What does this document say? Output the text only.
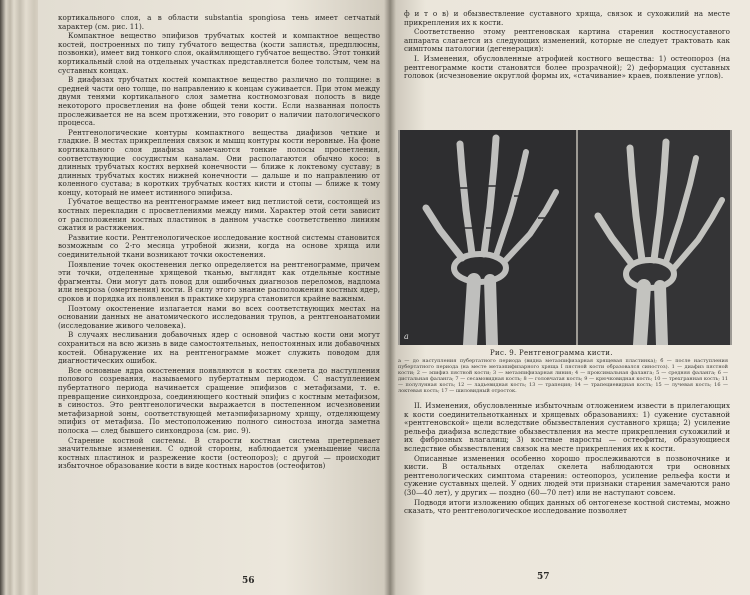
кортикального слоя, а в области substantia spongiosa тень имеет сетчатый характер (см. рис. 11).

Компактное вещество эпифизов трубчатых костей и компактное вещество костей, построенных по типу губчатого вещества (кости запястья, предплюсны, позвонки), имеет вид тонкого слоя, окаймляющего губчатое вещество. Этот тонкий кортикальный слой на отдельных участках представляется более толстым, чем на суставных концах.

В диафизах трубчатых костей компактное вещество различно по толщине: в средней части оно толще, по направлению к концам суживается. При этом между двумя тенями кортикального слоя заметна костномозговая полость в виде некоторого просветления на фоне общей тени кости. Если названная полость прослеживается не на всем протяжении, это говорит о наличии патологического процесса.

Рентгенологические контуры компактного вещества диафизов четкие и гладкие. В местах прикрепления связок и мышц контуры кости неровные. На фоне кортикального слоя диафиза замечаются тонкие полосы просветления, соответствующие сосудистым каналам. Они располагаются обычно косо: в длинных трубчатых костях верхней конечности — ближе к локтевому суставу; в длинных трубчатых костях нижней конечности — дальше и по направлению от коленного сустава; в коротких трубчатых костях кисти и стопы — ближе к тому концу, который не имеет истинного эпифиза.

Губчатое вещество на рентгенограмме имеет вид петлистой сети, состоящей из костных перекладин с просветлениями между ними. Характер этой сети зависит от расположения костных пластинок в данном участке соответственно линиям сжатия и растяжения.

Развитие кости. Рентгенологическое исследование костной системы становится возможным со 2-го месяца утробной жизни, когда на основе хряща или соединительной ткани возникают точки окостенения.

Появление точек окостенения легко определяется на рентгенограмме, причем эти точки, отделенные хрящевой тканью, выглядят как отдельные костные фрагменты. Они могут дать повод для ошибочных диагнозов переломов, надлома или некроза (омертвения) кости. В силу этого знание расположения костных ядер, сроков и порядка их появления в практике хирурга становится крайне важным.

Поэтому окостенение излагается нами во всех соответствующих местах на основании данных не анатомического исследования трупов, а рентгеноанатомии (исследование живого человека).

В случаях несливания добавочных ядер с основной частью кости они могут сохраниться на всю жизнь в виде самостоятельных, непостоянных или добавочных костей. Обнаружение их на рентгенограмме может служить поводом для диагностических ошибок.

Все основные ядра окостенения появляются в костях скелета до наступления полового созревания, называемого пубертатным периодом. С наступлением пубертатного периода начинается сращение эпифизов с метафизами, т. е. превращение синхондроза, соединяющего костный эпифиз с костным метафизом, в синостоз. Это рентгенологически выражается в постепенном исчезновении метафизарной зоны, соответствующей метаэпифизарному хрящу, отделяющему эпифиз от метафиза. По местоположению полного синостоза иногда заметна полоска — след бывшего синхондроза (см. рис. 9).

Старение костной системы. В старости костная система претерпевает значительные изменения. С одной стороны, наблюдается уменьшение числа костных пластинок и разрежение кости (остеопороз); с другой — происходит избыточное образование кости в виде костных наростов (остеофитов)

56

ф и т о в) и обызвествление суставного хряща, связок и сухожилий на месте прикрепления их к кости.

Соответственно этому рентгеновская картина старения костносуставного аппарата слагается из следующих изменений, которые не следует трактовать как симптомы патологии (дегенерация):

I. Изменения, обусловленные атрофией костного вещества: 1) остеопороз (на рентгенограмме кости становятся более прозрачной); 2) деформация суставных головок (исчезновение округлой формы их, «стачивание» краев, появление углов).

а
Рис. 9. Рентгенограмма кисти.
а — до наступления пубертатного периода (видна метаэпифизарная хрящевая пластинка); б — после наступления пубертатного периода (на месте метаэпифизарного хряща I пястной кости образовался синостоз). 1 — диафиз пястной кости; 2 — эпифиз пястной кости; 3 — метаэпифизарная линия; 4 — проксимальная фаланга; 5 — средняя фаланга; 6 — дистальная фаланга; 7 — сесамовидная кость; 8 — головчатая кость; 9 — крючковидная кость; 10 — трехгранная кость; 11 — полулунная кость; 12 — ладьевидная кость; 13 — трапеция; 14 — трапециевидная кость; 15 — лучевая кость; 16 — локтевая кость; 17 — шиловидный отросток.

II. Изменения, обусловленные избыточным отложением извести в прилегающих к кости соединительнотканных и хрящевых образованиях: 1) сужение суставной «рентгеновской» щели вследствие обызвествления суставного хряща; 2) усиление рельефа диафиза вследствие обызвествления на месте прикрепления сухожилий и их фиброзных влагалищ; 3) костные наросты — остеофиты, образующиеся вследствие обызвествления связок на месте прикрепления их к кости.

Описанные изменения особенно хорошо прослеживаются в позвоночнике и кисти. В остальных отделах скелета наблюдаются три основных рентгенологических симптома старения: остеопороз, усиление рельефа кости и сужение суставных щелей. У одних людей эти признаки старения замечаются рано (30—40 лет), у других — поздно (60—70 лет) или не наступают совсем.

Подводя итоги изложению общих данных об онтогенезе костной системы, можно сказать, что рентгенологическое исследование позволяет

57
